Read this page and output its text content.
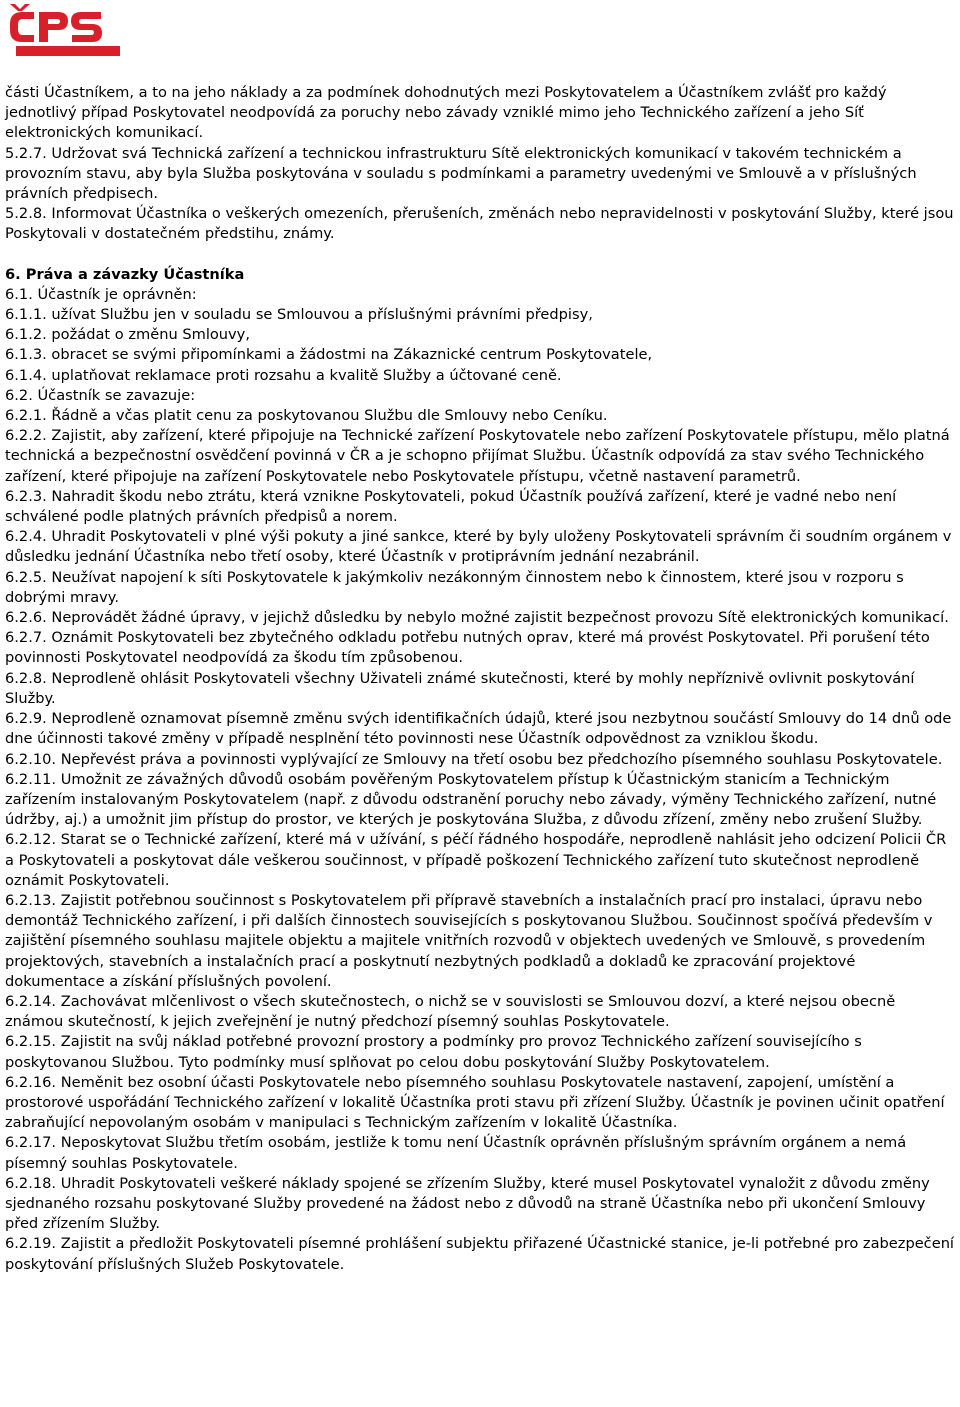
části Účastníkem, a to na jeho náklady a za podmínek dohodnutých mezi Poskytovatelem a Účastníkem zvlášť pro každý jednotlivý případ Poskytovatel neodpovídá za poruchy nebo závady vzniklé mimo jeho Technického zařízení a jeho Síť elektronických komunikací.

5.2.7. Udržovat svá Technická zařízení a technickou infrastrukturu Sítě elektronických komunikací v takovém technickém a provozním stavu, aby byla Služba poskytována v souladu s podmínkami a parametry uvedenými ve Smlouvě a v příslušných právních předpisech.

5.2.8. Informovat Účastníka o veškerých omezeních, přerušeních, změnách nebo nepravidelnosti v poskytování Služby, které jsou Poskytovali v dostatečném předstihu, známy.

6. Práva a závazky Účastníka

6.1. Účastník je oprávněn:

6.1.1. užívat Službu jen v souladu se Smlouvou a příslušnými právními předpisy,

6.1.2. požádat o změnu Smlouvy,

6.1.3. obracet se svými připomínkami a žádostmi na Zákaznické centrum Poskytovatele,

6.1.4. uplatňovat reklamace proti rozsahu a kvalitě Služby a účtované ceně.

6.2. Účastník se zavazuje:

6.2.1. Řádně a včas platit cenu za poskytovanou Službu dle Smlouvy nebo Ceníku.

6.2.2. Zajistit, aby zařízení, které připojuje na Technické zařízení Poskytovatele nebo zařízení Poskytovatele přístupu, mělo platná technická a bezpečnostní osvědčení povinná v ČR a je schopno přijímat Službu. Účastník odpovídá za stav svého Technického zařízení, které připojuje na zařízení Poskytovatele nebo Poskytovatele přístupu, včetně nastavení parametrů.

6.2.3. Nahradit škodu nebo ztrátu, která vznikne Poskytovateli, pokud Účastník používá zařízení, které je vadné nebo není schválené podle platných právních předpisů a norem.

6.2.4. Uhradit Poskytovateli v plné výši pokuty a jiné sankce, které by byly uloženy Poskytovateli správním či soudním orgánem v důsledku jednání Účastníka nebo třetí osoby, které Účastník v protiprávním jednání nezabránil.

6.2.5. Neužívat napojení k síti Poskytovatele k jakýmkoliv nezákonným činnostem nebo k činnostem, které jsou v rozporu s dobrými mravy.

6.2.6. Neprovádět žádné úpravy, v jejichž důsledku by nebylo možné zajistit bezpečnost provozu Sítě elektronických komunikací.

6.2.7. Oznámit Poskytovateli bez zbytečného odkladu potřebu nutných oprav, které má provést Poskytovatel. Při porušení této povinnosti Poskytovatel neodpovídá za škodu tím způsobenou.

6.2.8. Neprodleně ohlásit Poskytovateli všechny Uživateli známé skutečnosti, které by mohly nepříznivě ovlivnit poskytování Služby.

6.2.9. Neprodleně oznamovat písemně změnu svých identifikačních údajů, které jsou nezbytnou součástí Smlouvy do 14 dnů ode dne účinnosti takové změny v případě nesplnění této povinnosti nese Účastník odpovědnost za vzniklou škodu.

6.2.10. Nepřevést práva a povinnosti vyplývající ze Smlouvy na třetí osobu bez předchozího písemného souhlasu Poskytovatele.

6.2.11. Umožnit ze závažných důvodů osobám pověřeným Poskytovatelem přístup k Účastnickým stanicím a Technickým zařízením instalovaným Poskytovatelem (např. z důvodu odstranění poruchy nebo závady, výměny Technického zařízení, nutné údržby, aj.) a umožnit jim přístup do prostor, ve kterých je poskytována Služba, z důvodu zřízení, změny nebo zrušení Služby.

6.2.12. Starat se o Technické zařízení, které má v užívání, s péčí řádného hospodáře, neprodleně nahlásit jeho odcizení Policii ČR a Poskytovateli a poskytovat dále veškerou součinnost, v případě poškození Technického zařízení tuto skutečnost neprodleně oznámit Poskytovateli.

6.2.13. Zajistit potřebnou součinnost s Poskytovatelem při přípravě stavebních a instalačních prací pro instalaci, úpravu nebo demontáž Technického zařízení, i při dalších činnostech souvisejících s poskytovanou Službou. Součinnost spočívá především v zajištění písemného souhlasu majitele objektu a majitele vnitřních rozvodů v objektech uvedených ve Smlouvě, s provedením projektových, stavebních a instalačních prací a poskytnutí nezbytných podkladů a dokladů ke zpracování projektové dokumentace a získání příslušných povolení.

6.2.14. Zachovávat mlčenlivost o všech skutečnostech, o nichž se v souvislosti se Smlouvou dozví, a které nejsou obecně známou skutečností, k jejich zveřejnění je nutný předchozí písemný souhlas Poskytovatele.

6.2.15. Zajistit na svůj náklad potřebné provozní prostory a podmínky pro provoz Technického zařízení souvisejícího s poskytovanou Službou. Tyto podmínky musí splňovat po celou dobu poskytování Služby Poskytovatelem.

6.2.16. Neměnit bez osobní účasti Poskytovatele nebo písemného souhlasu Poskytovatele nastavení, zapojení, umístění a prostorové uspořádání Technického zařízení v lokalitě Účastníka proti stavu při zřízení Služby. Účastník je povinen učinit opatření zabraňující nepovolaným osobám v manipulaci s Technickým zařízením v lokalitě Účastníka.

6.2.17. Neposkytovat Službu třetím osobám, jestliže k tomu není Účastník oprávněn příslušným správním orgánem a nemá písemný souhlas Poskytovatele.

6.2.18. Uhradit Poskytovateli veškeré náklady spojené se zřízením Služby, které musel Poskytovatel vynaložit z důvodu změny sjednaného rozsahu poskytované Služby provedené na žádost nebo z důvodů na straně Účastníka nebo při ukončení Smlouvy před zřízením Služby.

6.2.19. Zajistit a předložit Poskytovateli písemné prohlášení subjektu přiřazené Účastnické stanice, je-li potřebné pro zabezpečení poskytování příslušných Služeb Poskytovatele.
